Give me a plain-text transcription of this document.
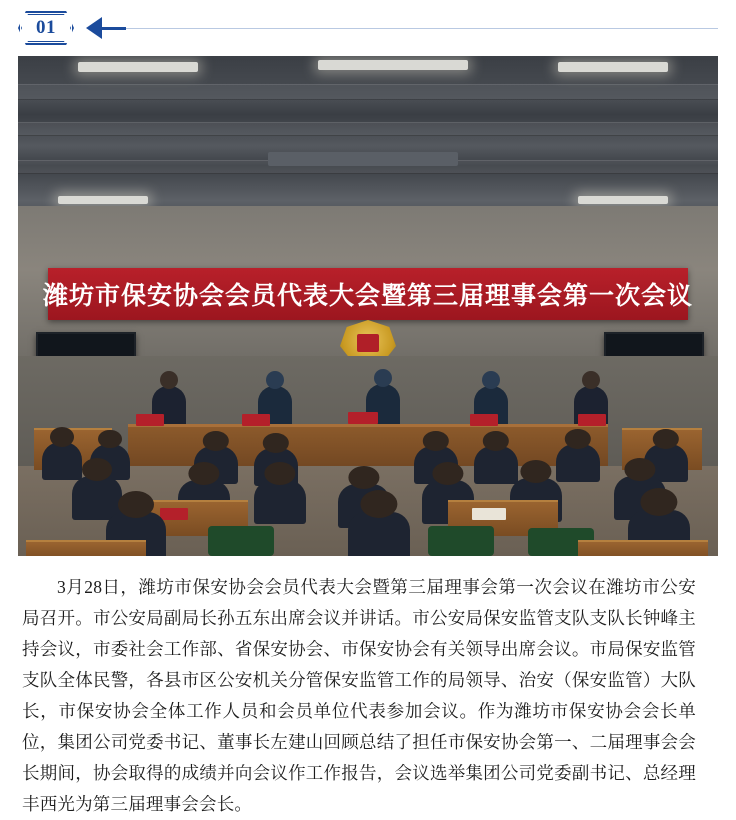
01
潍坊市保安协会会员代表大会暨第三届理事会第一次会议
3月28日，潍坊市保安协会会员代表大会暨第三届理事会第一次会议在潍坊市公安局召开。市公安局副局长孙五东出席会议并讲话。市公安局保安监管支队支队长钟峰主持会议，市委社会工作部、省保安协会、市保安协会有关领导出席会议。市局保安监管支队全体民警，各县市区公安机关分管保安监管工作的局领导、治安（保安监管）大队长，市保安协会全体工作人员和会员单位代表参加会议。作为潍坊市保安协会会长单位，集团公司党委书记、董事长左建山回顾总结了担任市保安协会第一、二届理事会会长期间，协会取得的成绩并向会议作工作报告，会议选举集团公司党委副书记、总经理丰西光为第三届理事会会长。
